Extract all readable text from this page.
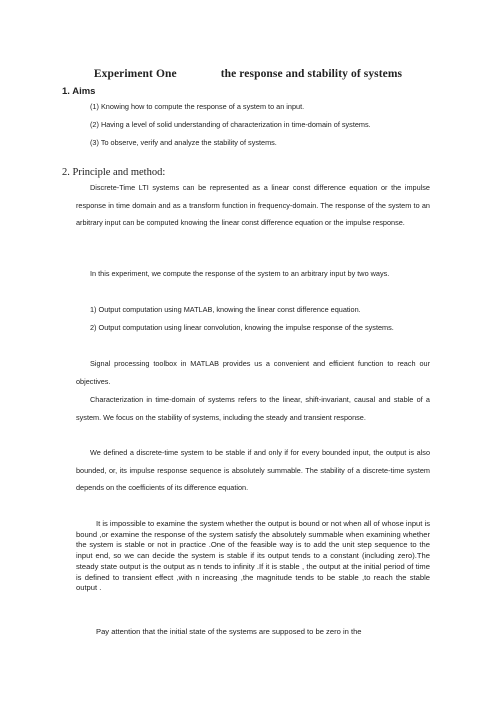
Experiment One	the response and stability of systems
1. Aims
(1) Knowing how to compute the response of a system to an input.
(2) Having a level of solid understanding of characterization in time-domain of systems.
(3) To observe, verify and analyze the stability of systems.
2. Principle and method:
Discrete-Time LTI systems can be represented as a linear const difference equation or the impulse response in time domain and as a transform function in frequency-domain. The response of the system to an arbitrary input can be computed knowing the linear const difference equation or the impulse response.
In this experiment, we compute the response of the system to an arbitrary input by two ways.
1) Output computation using MATLAB, knowing the linear const difference equation.
2) Output computation using linear convolution, knowing the impulse response of the systems.
Signal processing toolbox in MATLAB provides us a convenient and efficient function to reach our objectives.
Characterization in time-domain of systems refers to the linear, shift-invariant, causal and stable of a system. We focus on the stability of systems, including the steady and transient response.
We defined a discrete-time system to be stable if and only if for every bounded input, the output is also bounded, or, its impulse response sequence is absolutely summable. The stability of a discrete-time system depends on the coefficients of its difference equation.
It is impossible to examine the system whether the output is bound or not when all of whose input is bound ,or examine the response of the system satisfy the absolutely summable when examining whether the system is stable or not in practice .One of the feasible way is to add the unit step sequence to the input end, so we can decide the system is stable if its output tends to a constant (including zero).The steady state output is the output as n tends to infinity .If it is stable , the output at the initial period of time is defined to transient effect ,with n increasing ,the magnitude tends to be stable ,to reach the stable output .
Pay attention that the initial state of the systems are supposed to be zero in the
